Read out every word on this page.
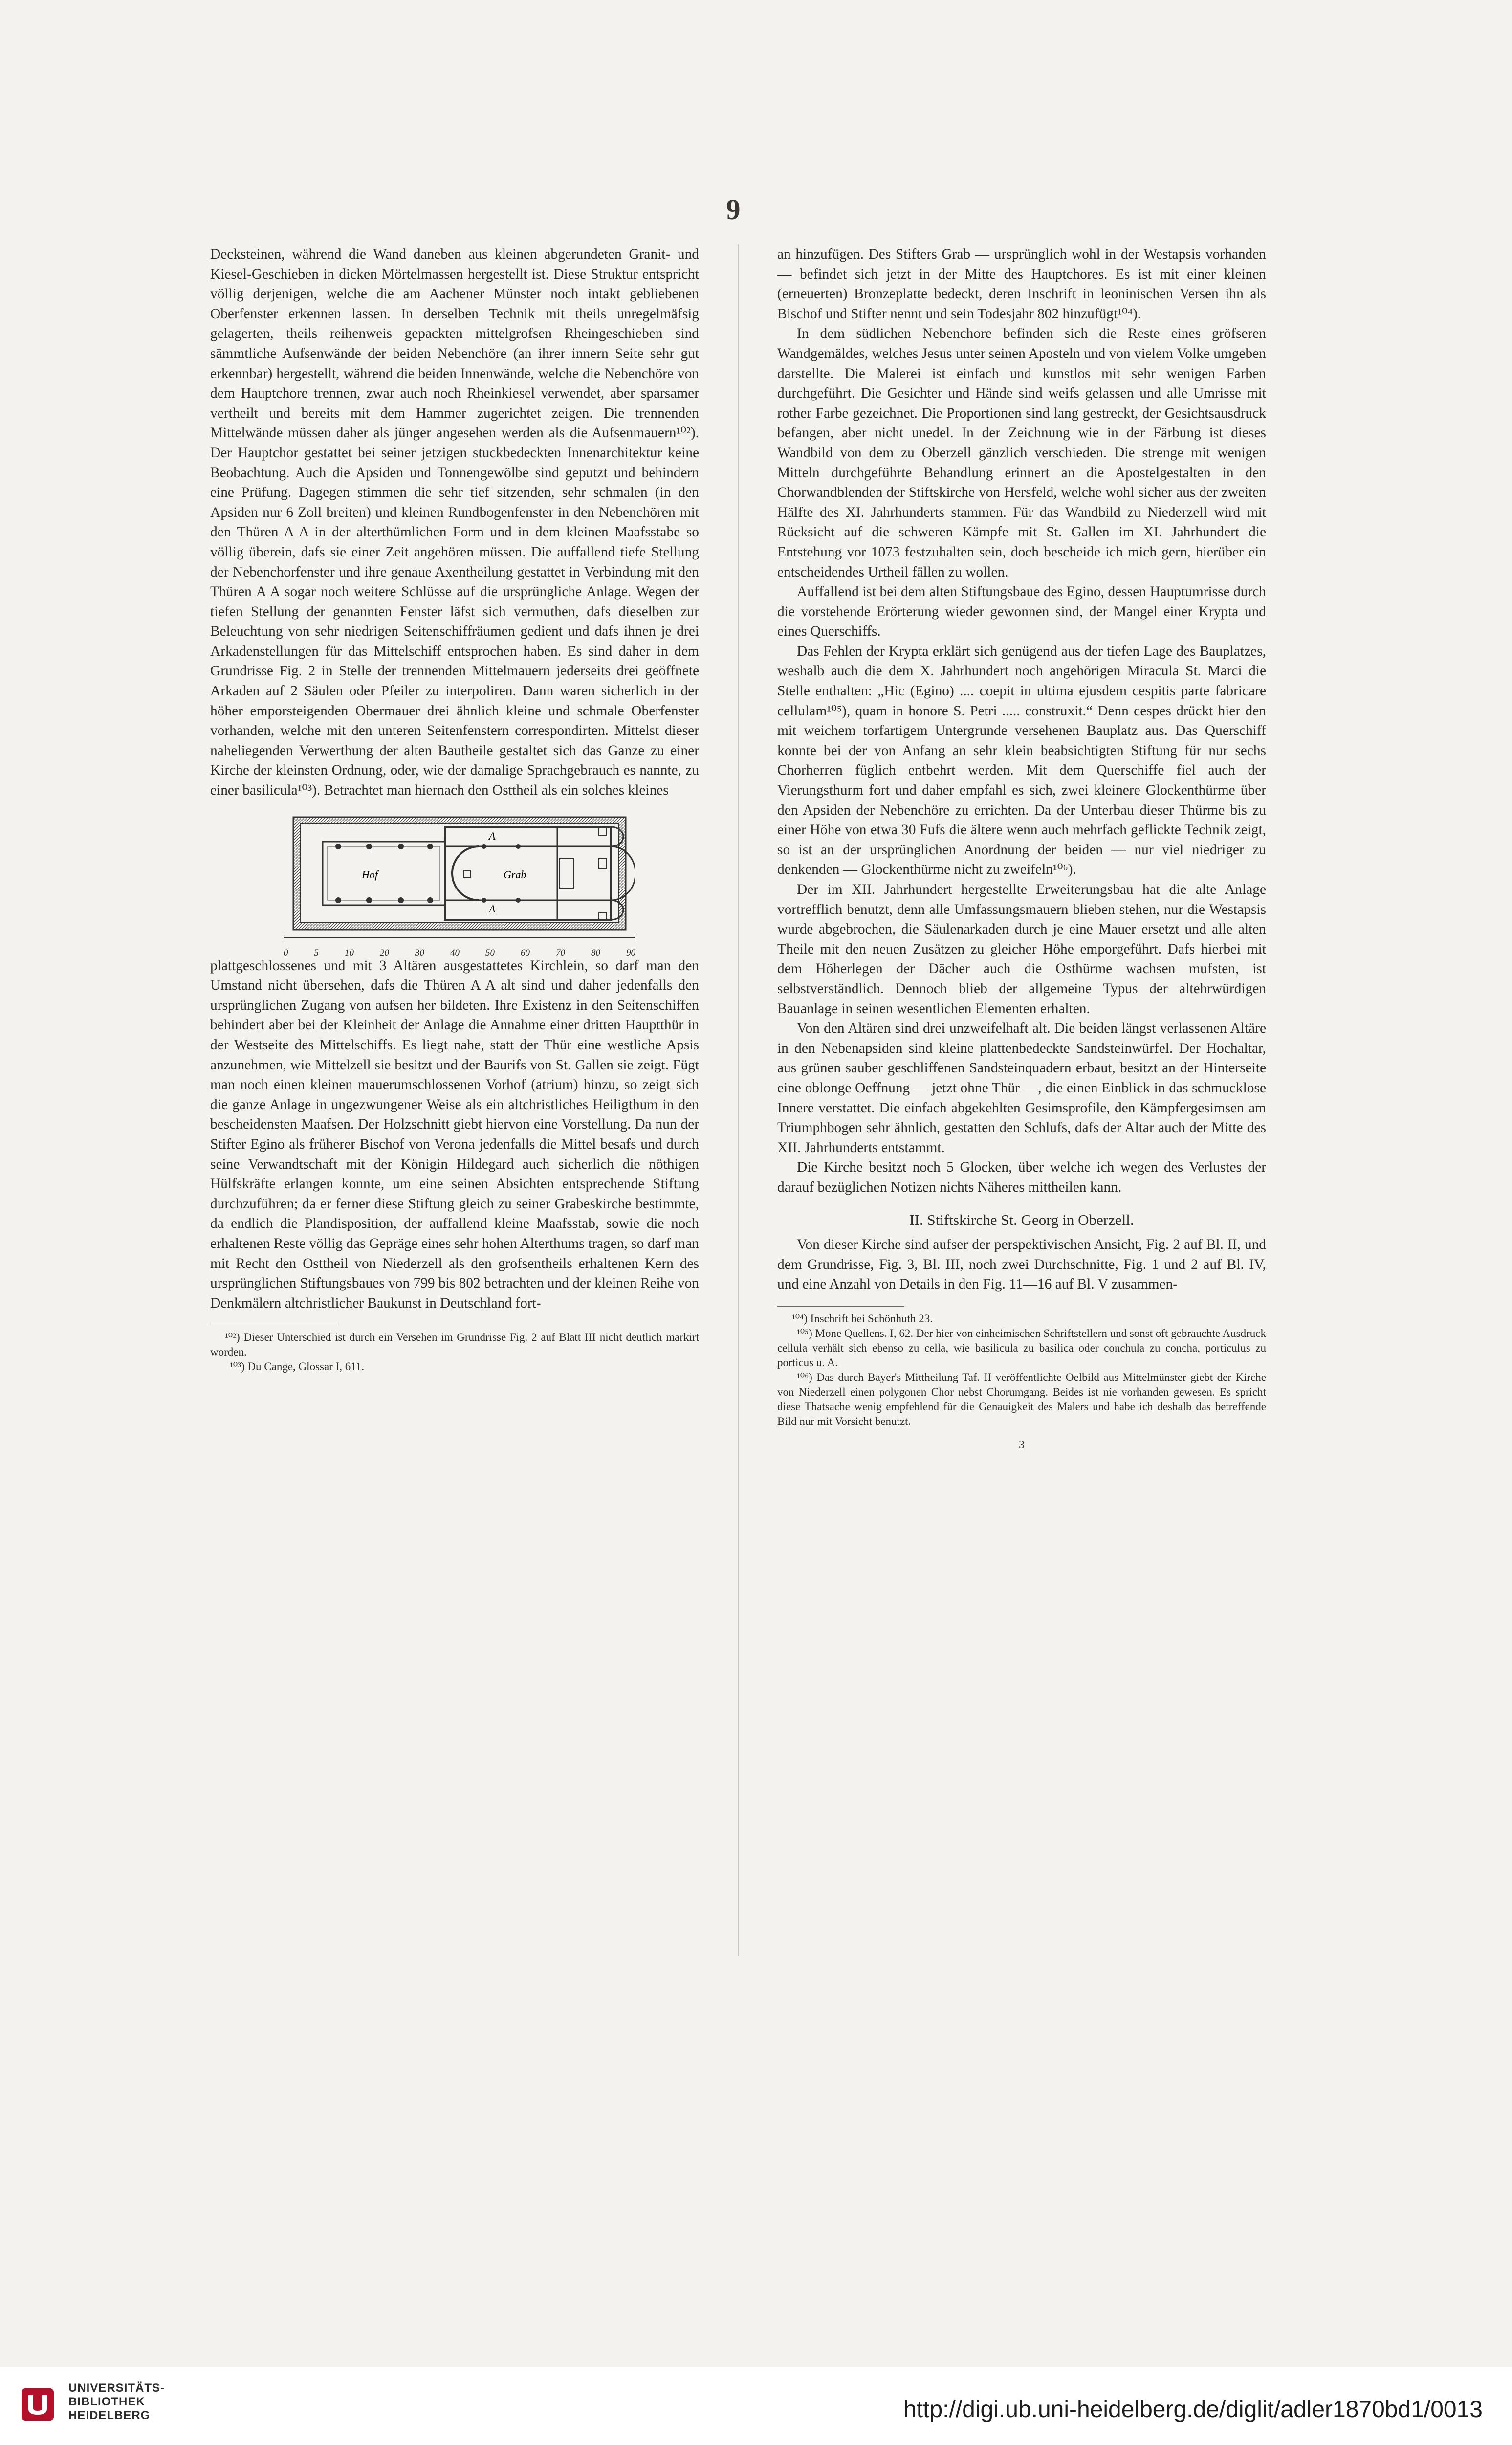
9

Decksteinen, während die Wand daneben aus kleinen abgerundeten Granit- und Kiesel-Geschieben in dicken Mörtelmassen hergestellt ist. Diese Struktur entspricht völlig derjenigen, welche die am Aachener Münster noch intakt gebliebenen Oberfenster erkennen lassen. In derselben Technik mit theils unregelmäfsig gelagerten, theils reihenweis gepackten mittelgrofsen Rheingeschieben sind sämmtliche Aufsenwände der beiden Nebenchöre (an ihrer innern Seite sehr gut erkennbar) hergestellt, während die beiden Innenwände, welche die Nebenchöre von dem Hauptchore trennen, zwar auch noch Rheinkiesel verwendet, aber sparsamer vertheilt und bereits mit dem Hammer zugerichtet zeigen. Die trennenden Mittelwände müssen daher als jünger angesehen werden als die Aufsenmauern¹⁰²). Der Hauptchor gestattet bei seiner jetzigen stuckbedeckten Innenarchitektur keine Beobachtung. Auch die Apsiden und Tonnengewölbe sind geputzt und behindern eine Prüfung. Dagegen stimmen die sehr tief sitzenden, sehr schmalen (in den Apsiden nur 6 Zoll breiten) und kleinen Rundbogenfenster in den Nebenchören mit den Thüren A A in der alterthümlichen Form und in dem kleinen Maafsstabe so völlig überein, dafs sie einer Zeit angehören müssen. Die auffallend tiefe Stellung der Nebenchorfenster und ihre genaue Axentheilung gestattet in Verbindung mit den Thüren A A sogar noch weitere Schlüsse auf die ursprüngliche Anlage. Wegen der tiefen Stellung der genannten Fenster läfst sich vermuthen, dafs dieselben zur Beleuchtung von sehr niedrigen Seitenschiffräumen gedient und dafs ihnen je drei Arkadenstellungen für das Mittelschiff entsprochen haben. Es sind daher in dem Grundrisse Fig. 2 in Stelle der trennenden Mittelmauern jederseits drei geöffnete Arkaden auf 2 Säulen oder Pfeiler zu interpoliren. Dann waren sicherlich in der höher emporsteigenden Obermauer drei ähnlich kleine und schmale Oberfenster vorhanden, welche mit den unteren Seitenfenstern correspondirten. Mittelst dieser naheliegenden Verwerthung der alten Bautheile gestaltet sich das Ganze zu einer Kirche der kleinsten Ordnung, oder, wie der damalige Sprachgebrauch es nannte, zu einer basilicula¹⁰³). Betrachtet man hiernach den Osttheil als ein solches kleines

A
Hof	Grab
A
0	5	10	20	30	40	50	60	70	80	90

plattgeschlossenes und mit 3 Altären ausgestattetes Kirchlein, so darf man den Umstand nicht übersehen, dafs die Thüren A A alt sind und daher jedenfalls den ursprünglichen Zugang von aufsen her bildeten. Ihre Existenz in den Seitenschiffen behindert aber bei der Kleinheit der Anlage die Annahme einer dritten Hauptthür in der Westseite des Mittelschiffs. Es liegt nahe, statt der Thür eine westliche Apsis anzunehmen, wie Mittelzell sie besitzt und der Baurifs von St. Gallen sie zeigt. Fügt man noch einen kleinen mauerumschlossenen Vorhof (atrium) hinzu, so zeigt sich die ganze Anlage in ungezwungener Weise als ein altchristliches Heiligthum in den bescheidensten Maafsen. Der Holzschnitt giebt hiervon eine Vorstellung. Da nun der Stifter Egino als früherer Bischof von Verona jedenfalls die Mittel besafs und durch seine Verwandtschaft mit der Königin Hildegard auch sicherlich die nöthigen Hülfskräfte erlangen konnte, um eine seinen Absichten entsprechende Stiftung durchzuführen; da er ferner diese Stiftung gleich zu seiner Grabeskirche bestimmte, da endlich die Plandisposition, der auffallend kleine Maafsstab, sowie die noch erhaltenen Reste völlig das Gepräge eines sehr hohen Alterthums tragen, so darf man mit Recht den Osttheil von Niederzell als den grofsentheils erhaltenen Kern des ursprünglichen Stiftungsbaues von 799 bis 802 betrachten und der kleinen Reihe von Denkmälern altchristlicher Baukunst in Deutschland fort-

¹⁰²) Dieser Unterschied ist durch ein Versehen im Grundrisse Fig. 2 auf Blatt III nicht deutlich markirt worden.

¹⁰³) Du Cange, Glossar I, 611.

an hinzufügen. Des Stifters Grab — ursprünglich wohl in der Westapsis vorhanden — befindet sich jetzt in der Mitte des Hauptchores. Es ist mit einer kleinen (erneuerten) Bronzeplatte bedeckt, deren Inschrift in leoninischen Versen ihn als Bischof und Stifter nennt und sein Todesjahr 802 hinzufügt¹⁰⁴).

In dem südlichen Nebenchore befinden sich die Reste eines gröfseren Wandgemäldes, welches Jesus unter seinen Aposteln und von vielem Volke umgeben darstellte. Die Malerei ist einfach und kunstlos mit sehr wenigen Farben durchgeführt. Die Gesichter und Hände sind weifs gelassen und alle Umrisse mit rother Farbe gezeichnet. Die Proportionen sind lang gestreckt, der Gesichtsausdruck befangen, aber nicht unedel. In der Zeichnung wie in der Färbung ist dieses Wandbild von dem zu Oberzell gänzlich verschieden. Die strenge mit wenigen Mitteln durchgeführte Behandlung erinnert an die Apostelgestalten in den Chorwandblenden der Stiftskirche von Hersfeld, welche wohl sicher aus der zweiten Hälfte des XI. Jahrhunderts stammen. Für das Wandbild zu Niederzell wird mit Rücksicht auf die schweren Kämpfe mit St. Gallen im XI. Jahrhundert die Entstehung vor 1073 festzuhalten sein, doch bescheide ich mich gern, hierüber ein entscheidendes Urtheil fällen zu wollen.

Auffallend ist bei dem alten Stiftungsbaue des Egino, dessen Hauptumrisse durch die vorstehende Erörterung wieder gewonnen sind, der Mangel einer Krypta und eines Querschiffs.

Das Fehlen der Krypta erklärt sich genügend aus der tiefen Lage des Bauplatzes, weshalb auch die dem X. Jahrhundert noch angehörigen Miracula St. Marci die Stelle enthalten: „Hic (Egino) .... coepit in ultima ejusdem cespitis parte fabricare cellulam¹⁰⁵), quam in honore S. Petri ..... construxit.“ Denn cespes drückt hier den mit weichem torfartigem Untergrunde versehenen Bauplatz aus. Das Querschiff konnte bei der von Anfang an sehr klein beabsichtigten Stiftung für nur sechs Chorherren füglich entbehrt werden. Mit dem Querschiffe fiel auch der Vierungsthurm fort und daher empfahl es sich, zwei kleinere Glockenthürme über den Apsiden der Nebenchöre zu errichten. Da der Unterbau dieser Thürme bis zu einer Höhe von etwa 30 Fufs die ältere wenn auch mehrfach geflickte Technik zeigt, so ist an der ursprünglichen Anordnung der beiden — nur viel niedriger zu denkenden — Glockenthürme nicht zu zweifeln¹⁰⁶).

Der im XII. Jahrhundert hergestellte Erweiterungsbau hat die alte Anlage vortrefflich benutzt, denn alle Umfassungsmauern blieben stehen, nur die Westapsis wurde abgebrochen, die Säulenarkaden durch je eine Mauer ersetzt und alle alten Theile mit den neuen Zusätzen zu gleicher Höhe emporgeführt. Dafs hierbei mit dem Höherlegen der Dächer auch die Osthürme wachsen mufsten, ist selbstverständlich. Dennoch blieb der allgemeine Typus der altehrwürdigen Bauanlage in seinen wesentlichen Elementen erhalten.

Von den Altären sind drei unzweifelhaft alt. Die beiden längst verlassenen Altäre in den Nebenapsiden sind kleine plattenbedeckte Sandsteinwürfel. Der Hochaltar, aus grünen sauber geschliffenen Sandsteinquadern erbaut, besitzt an der Hinterseite eine oblonge Oeffnung — jetzt ohne Thür —, die einen Einblick in das schmucklose Innere verstattet. Die einfach abgekehlten Gesimsprofile, den Kämpfergesimsen am Triumphbogen sehr ähnlich, gestatten den Schlufs, dafs der Altar auch der Mitte des XII. Jahrhunderts entstammt.

Die Kirche besitzt noch 5 Glocken, über welche ich wegen des Verlustes der darauf bezüglichen Notizen nichts Näheres mittheilen kann.

II. Stiftskirche St. Georg in Oberzell.

Von dieser Kirche sind aufser der perspektivischen Ansicht, Fig. 2 auf Bl. II, und dem Grundrisse, Fig. 3, Bl. III, noch zwei Durchschnitte, Fig. 1 und 2 auf Bl. IV, und eine Anzahl von Details in den Fig. 11—16 auf Bl. V zusammen-

¹⁰⁴) Inschrift bei Schönhuth 23.

¹⁰⁵) Mone Quellens. I, 62. Der hier von einheimischen Schriftstellern und sonst oft gebrauchte Ausdruck cellula verhält sich ebenso zu cella, wie basilicula zu basilica oder conchula zu concha, porticulus zu porticus u. A.

¹⁰⁶) Das durch Bayer's Mittheilung Taf. II veröffentlichte Oelbild aus Mittelmünster giebt der Kirche von Niederzell einen polygonen Chor nebst Chorumgang. Beides ist nie vorhanden gewesen. Es spricht diese Thatsache wenig empfehlend für die Genauigkeit des Malers und habe ich deshalb das betreffende Bild nur mit Vorsicht benutzt.

3
UNIVERSITÄTS-
BIBLIOTHEK
HEIDELBERG	http://digi.ub.uni-heidelberg.de/diglit/adler1870bd1/0013
